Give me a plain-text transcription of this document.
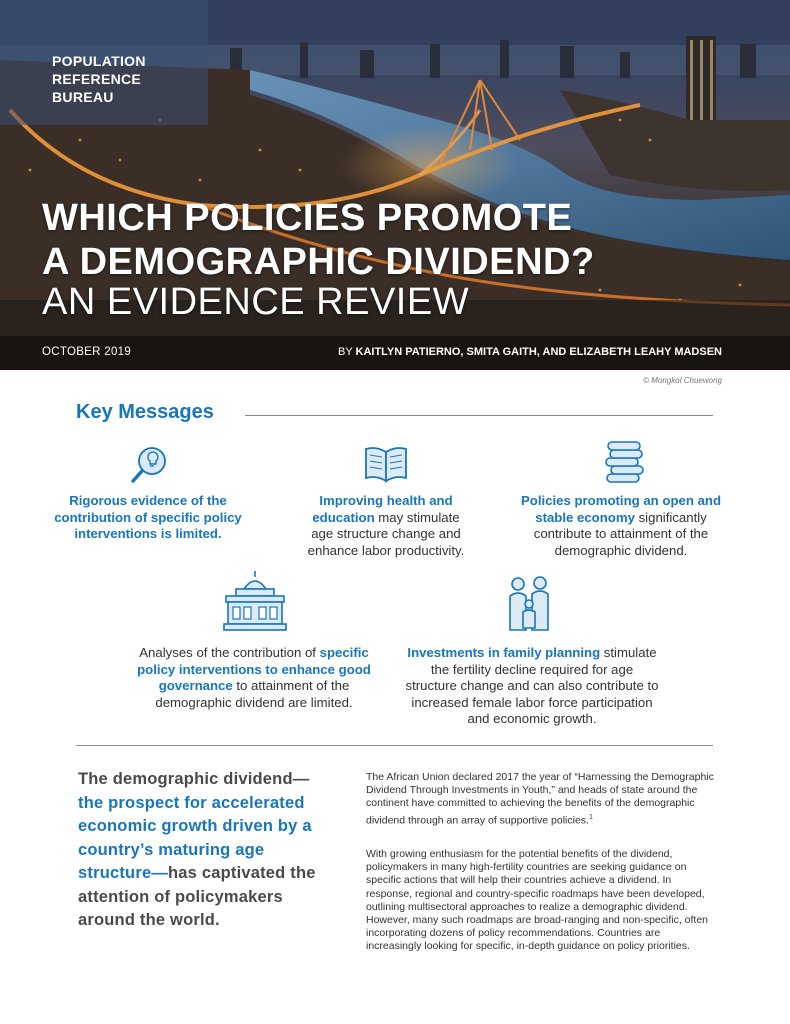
POPULATION
REFERENCE
BUREAU
WHICH POLICIES PROMOTE
A DEMOGRAPHIC DIVIDEND?
AN EVIDENCE REVIEW
OCTOBER 2019	BY KAITLYN PATIERNO, SMITA GAITH, AND ELIZABETH LEAHY MADSEN
© Mongkol Chuewong
Key Messages
Rigorous evidence of the contribution of specific policy interventions is limited.
Improving health and education may stimulate age structure change and enhance labor productivity.
Policies promoting an open and stable economy significantly contribute to attainment of the demographic dividend.
Analyses of the contribution of specific policy interventions to enhance good governance to attainment of the demographic dividend are limited.
Investments in family planning stimulate the fertility decline required for age structure change and can also contribute to increased female labor force participation and economic growth.
The demographic dividend—the prospect for accelerated economic growth driven by a country’s maturing age structure—has captivated the attention of policymakers around the world.
The African Union declared 2017 the year of “Harnessing the Demographic Dividend Through Investments in Youth,” and heads of state around the continent have committed to achieving the benefits of the demographic dividend through an array of supportive policies.$^1$
With growing enthusiasm for the potential benefits of the dividend, policymakers in many high-fertility countries are seeking guidance on specific actions that will help their countries achieve a dividend. In response, regional and country-specific roadmaps have been developed, outlining multisectoral approaches to realize a demographic dividend. However, many such roadmaps are broad-ranging and non-specific, often incorporating dozens of policy recommendations. Countries are increasingly looking for specific, in-depth guidance on policy priorities.
